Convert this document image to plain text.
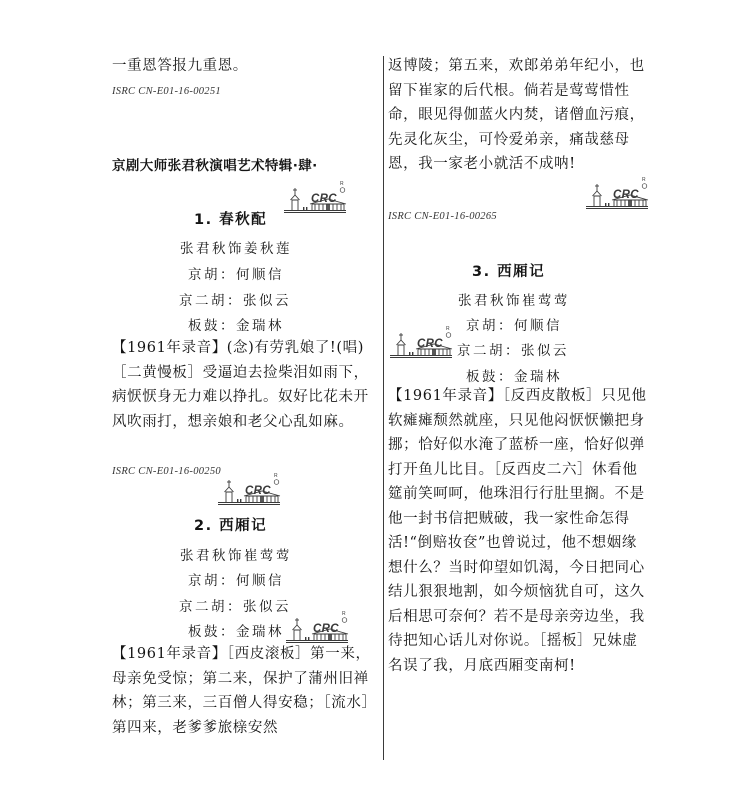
一重恩答报九重恩。

ISRC CN-E01-16-00251
京剧大师张君秋演唱艺术特辑·肆·
CRC
R
1. 春秋配
张君秋饰姜秋莲
京胡：何顺信
京二胡：张似云
板鼓：金瑞林

【1961年录音】(念)有劳乳娘了!(唱)［二黄慢板］受逼迫去捡柴泪如雨下，病恹恹身无力难以挣扎。奴好比花未开风吹雨打，想亲娘和老父心乱如麻。

ISRC CN-E01-16-00250
CRC
R
2. 西厢记
张君秋饰崔莺莺
京胡：何顺信
京二胡：张似云
板鼓：金瑞林	CRC
R

【1961年录音】［西皮滚板］第一来，母亲免受惊；第二来，保护了蒲州旧禅林；第三来，三百僧人得安稳；［流水］第四来，老爹爹旅榇安然

返博陵；第五来，欢郎弟弟年纪小，也留下崔家的后代根。倘若是莺莺惜性命，眼见得伽蓝火内焚，诸僧血污痕，先灵化灰尘，可怜爱弟亲，痛哉慈母恩，我一家老小就活不成呐!

CRC
R
ISRC CN-E01-16-00265
3. 西厢记
张君秋饰崔莺莺
京胡：何顺信
CRC
R
京二胡：张似云
板鼓：金瑞林

【1961年录音】［反西皮散板］只见他软瘫瘫颓然就座，只见他闷恹恹懒把身挪；恰好似水淹了蓝桥一座，恰好似弹打开鱼儿比目。［反西皮二六］休看他筵前笑呵呵，他珠泪行行肚里搁。不是他一封书信把贼破，我一家性命怎得活!“倒赔妆奁”也曾说过，他不想姻缘想什么？当时仰望如饥渴，今日把同心结儿狠狠地割，如今烦恼犹自可，这久后相思可奈何？若不是母亲旁边坐，我待把知心话儿对你说。［摇板］兄妹虚名误了我，月底西厢变南柯!
